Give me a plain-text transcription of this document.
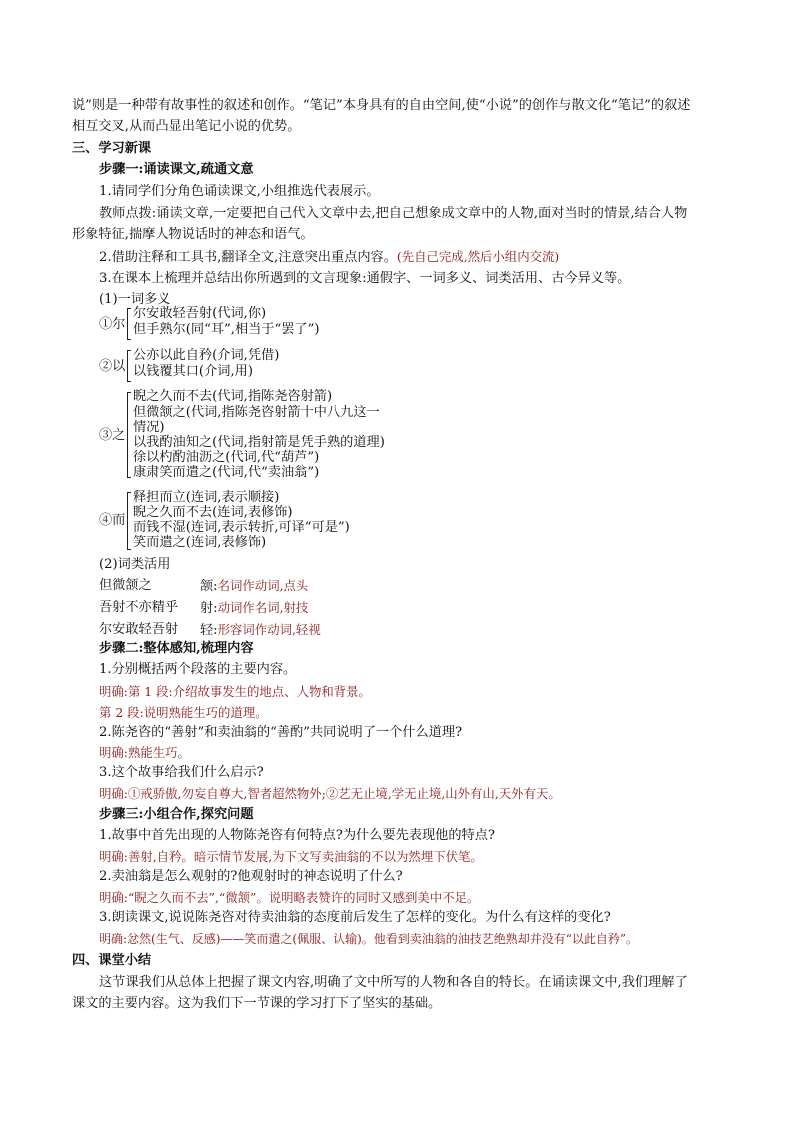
说”则是一种带有故事性的叙述和创作。“笔记”本身具有的自由空间,使“小说”的创作与散文化“笔记”的叙述
相互交叉,从而凸显出笔记小说的优势。
三、学习新课
步骤一:诵读课文,疏通文意
1.请同学们分角色诵读课文,小组推选代表展示。
教师点拨:诵读文章,一定要把自己代入文章中去,把自己想象成文章中的人物,面对当时的情景,结合人物
形象特征,揣摩人物说话时的神态和语气。
2.借助注释和工具书,翻译全文,注意突出重点内容。(先自己完成,然后小组内交流)
3.在课本上梳理并总结出你所遇到的文言现象:通假字、一词多义、词类活用、古今异义等。
(1)一词多义
①尔
尔安敢轻吾射(代词,你)
但手熟尔(同“耳”,相当于“罢了”)
②以
公亦以此自矜(介词,凭借)
以钱覆其口(介词,用)
③之
睨之久而不去(代词,指陈尧咨射箭)
但微颔之(代词,指陈尧咨射箭十中八九这一
情况)
以我酌油知之(代词,指射箭是凭手熟的道理)
徐以杓酌油沥之(代词,代“葫芦”)
康肃笑而遣之(代词,代“卖油翁”)
④而
释担而立(连词,表示顺接)
睨之久而不去(连词,表修饰)
而钱不湿(连词,表示转折,可译“可是”)
笑而遣之(连词,表修饰)
(2)词类活用
但微颔之	颔:名词作动词,点头
吾射不亦精乎 射:动词作名词,射技
尔安敢轻吾射 轻:形容词作动词,轻视
步骤二:整体感知,梳理内容
1.分别概括两个段落的主要内容。
明确:第 1 段:介绍故事发生的地点、人物和背景。
第 2 段:说明熟能生巧的道理。
2.陈尧咨的“善射”和卖油翁的“善酌”共同说明了一个什么道理?
明确:熟能生巧。
3.这个故事给我们什么启示?
明确:①戒骄傲,勿妄自尊大,智者超然物外;②艺无止境,学无止境,山外有山,天外有天。
步骤三:小组合作,探究问题
1.故事中首先出现的人物陈尧咨有何特点?为什么要先表现他的特点?
明确:善射,自矜。暗示情节发展,为下文写卖油翁的不以为然埋下伏笔。
2.卖油翁是怎么观射的?他观射时的神态说明了什么?
明确:“睨之久而不去”,“微颔”。说明略表赞许的同时又感到美中不足。
3.朗读课文,说说陈尧咨对待卖油翁的态度前后发生了怎样的变化。为什么有这样的变化?
明确:忿然(生气、反感)——笑而遣之(佩服、认输)。他看到卖油翁的油技艺绝熟却并没有“以此自矜”。
四、课堂小结
这节课我们从总体上把握了课文内容,明确了文中所写的人物和各自的特长。在诵读课文中,我们理解了
课文的主要内容。这为我们下一节课的学习打下了坚实的基础。
